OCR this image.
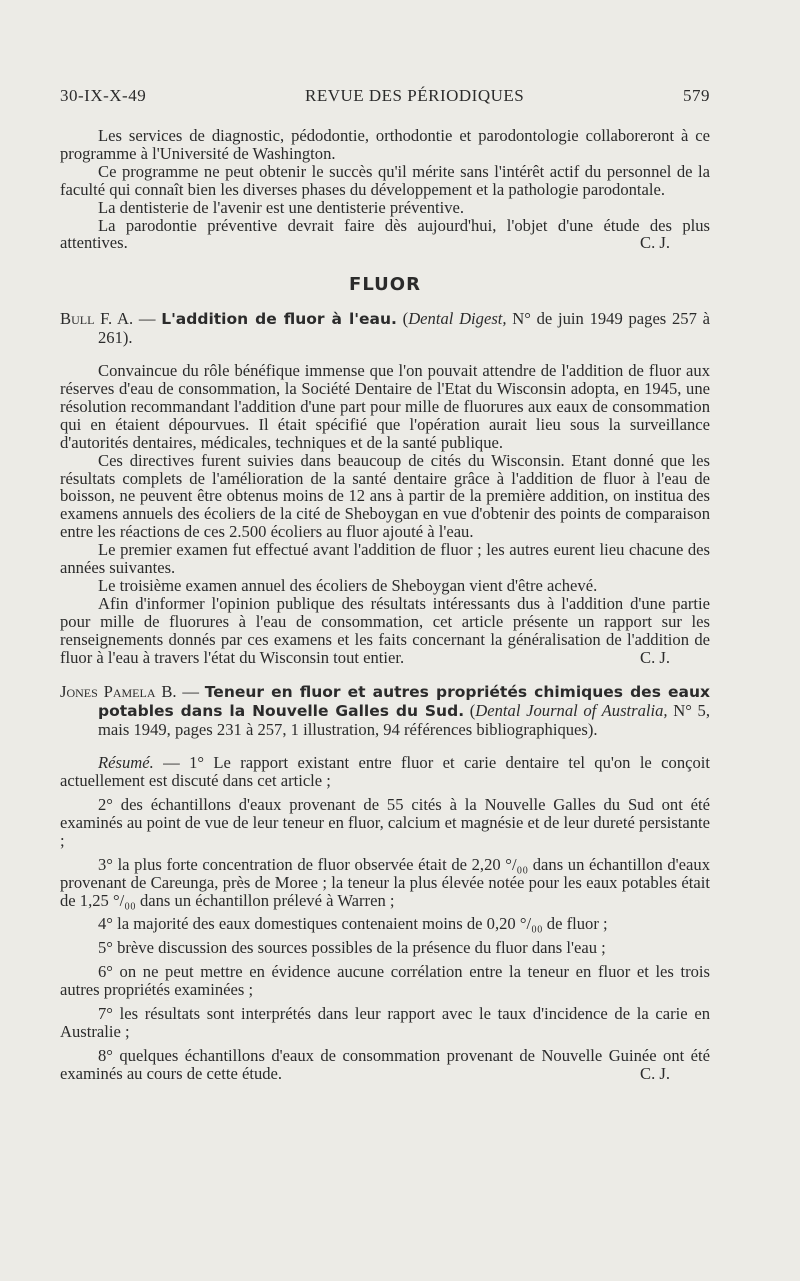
30-IX-X-49	REVUE DES PÉRIODIQUES	579

Les services de diagnostic, pédodontie, orthodontie et parodontologie collaboreront à ce programme à l'Université de Washington.

Ce programme ne peut obtenir le succès qu'il mérite sans l'intérêt actif du personnel de la faculté qui connaît bien les diverses phases du développement et la pathologie parodontale.

La dentisterie de l'avenir est une dentisterie préventive.

La parodontie préventive devrait faire dès aujourd'hui, l'objet d'une étude des plus attentives.	C. J.

FLUOR

Bull F. A. — L'addition de fluor à l'eau. (Dental Digest, N° de juin 1949 pages 257 à 261).

Convaincue du rôle bénéfique immense que l'on pouvait attendre de l'addition de fluor aux réserves d'eau de consommation, la Société Dentaire de l'Etat du Wisconsin adopta, en 1945, une résolution recommandant l'addition d'une part pour mille de fluorures aux eaux de consommation qui en étaient dépourvues. Il était spécifié que l'opération aurait lieu sous la surveillance d'autorités dentaires, médicales, techniques et de la santé publique.

Ces directives furent suivies dans beaucoup de cités du Wisconsin. Etant donné que les résultats complets de l'amélioration de la santé dentaire grâce à l'addition de fluor à l'eau de boisson, ne peuvent être obtenus moins de 12 ans à partir de la première addition, on institua des examens annuels des écoliers de la cité de Sheboygan en vue d'obtenir des points de comparaison entre les réactions de ces 2.500 écoliers au fluor ajouté à l'eau.

Le premier examen fut effectué avant l'addition de fluor ; les autres eurent lieu chacune des années suivantes.

Le troisième examen annuel des écoliers de Sheboygan vient d'être achevé.

Afin d'informer l'opinion publique des résultats intéressants dus à l'addition d'une partie pour mille de fluorures à l'eau de consommation, cet article présente un rapport sur les renseignements donnés par ces examens et les faits concernant la généralisation de l'addition de fluor à l'eau à travers l'état du Wisconsin tout entier.	C. J.

Jones Pamela B. — Teneur en fluor et autres propriétés chimiques des eaux potables dans la Nouvelle Galles du Sud. (Dental Journal of Australia, N° 5, mais 1949, pages 231 à 257, 1 illustration, 94 références bibliographiques).

Résumé. — 1° Le rapport existant entre fluor et carie dentaire tel qu'on le conçoit actuellement est discuté dans cet article ;

2° des échantillons d'eaux provenant de 55 cités à la Nouvelle Galles du Sud ont été examinés au point de vue de leur teneur en fluor, calcium et magnésie et de leur dureté persistante ;

3° la plus forte concentration de fluor observée était de 2,20 °/₀₀ dans un échantillon d'eaux provenant de Careunga, près de Moree ; la teneur la plus élevée notée pour les eaux potables était de 1,25 °/₀₀ dans un échantillon prélevé à Warren ;

4° la majorité des eaux domestiques contenaient moins de 0,20 °/₀₀ de fluor ;

5° brève discussion des sources possibles de la présence du fluor dans l'eau ;

6° on ne peut mettre en évidence aucune corrélation entre la teneur en fluor et les trois autres propriétés examinées ;

7° les résultats sont interprétés dans leur rapport avec le taux d'incidence de la carie en Australie ;

8° quelques échantillons d'eaux de consommation provenant de Nouvelle Guinée ont été examinés au cours de cette étude.	C. J.
